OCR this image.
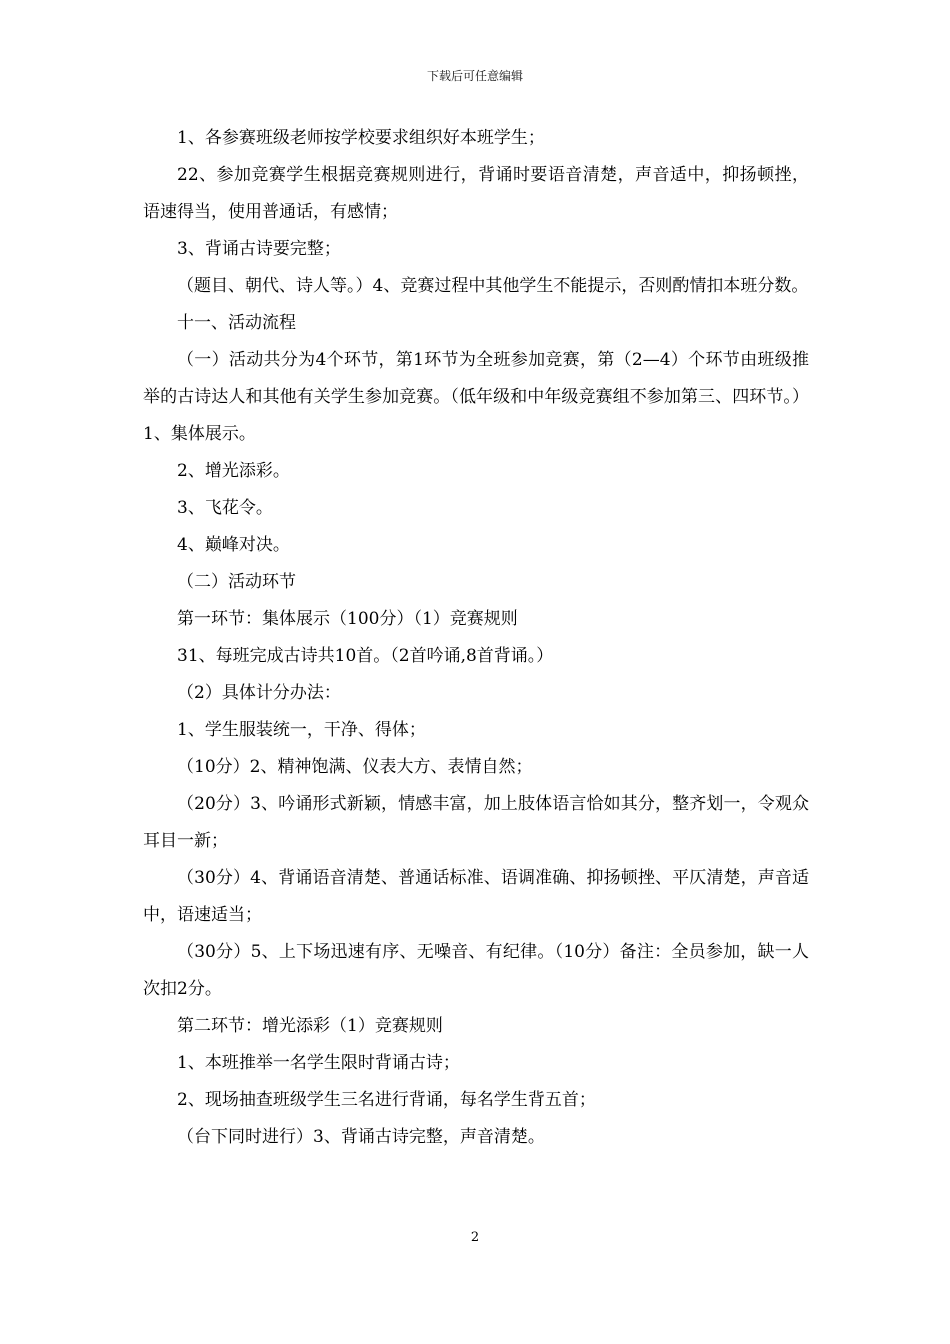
下载后可任意编辑

1、各参赛班级老师按学校要求组织好本班学生；

22、参加竞赛学生根据竞赛规则进行，背诵时要语音清楚，声音适中，抑扬顿挫，语速得当，使用普通话，有感情；

3、背诵古诗要完整；

（题目、朝代、诗人等。）4、竞赛过程中其他学生不能提示，否则酌情扣本班分数。

十一、活动流程

（一）活动共分为4个环节，第1环节为全班参加竞赛，第（2—4）个环节由班级推举的古诗达人和其他有关学生参加竞赛。（低年级和中年级竞赛组不参加第三、四环节。）1、集体展示。

2、增光添彩。

3、飞花令。

4、巅峰对决。

（二）活动环节

第一环节：集体展示（100分）（1）竞赛规则

31、每班完成古诗共10首。（2首吟诵,8首背诵。）

（2）具体计分办法：

1、学生服装统一，干净、得体；

（10分）2、精神饱满、仪表大方、表情自然；

（20分）3、吟诵形式新颖，情感丰富，加上肢体语言恰如其分，整齐划一，令观众耳目一新；

（30分）4、背诵语音清楚、普通话标准、语调准确、抑扬顿挫、平仄清楚，声音适中，语速适当；

（30分）5、上下场迅速有序、无噪音、有纪律。（10分）备注：全员参加，缺一人次扣2分。

第二环节：增光添彩（1）竞赛规则

1、本班推举一名学生限时背诵古诗；

2、现场抽查班级学生三名进行背诵，每名学生背五首；

（台下同时进行）3、背诵古诗完整，声音清楚。

2
